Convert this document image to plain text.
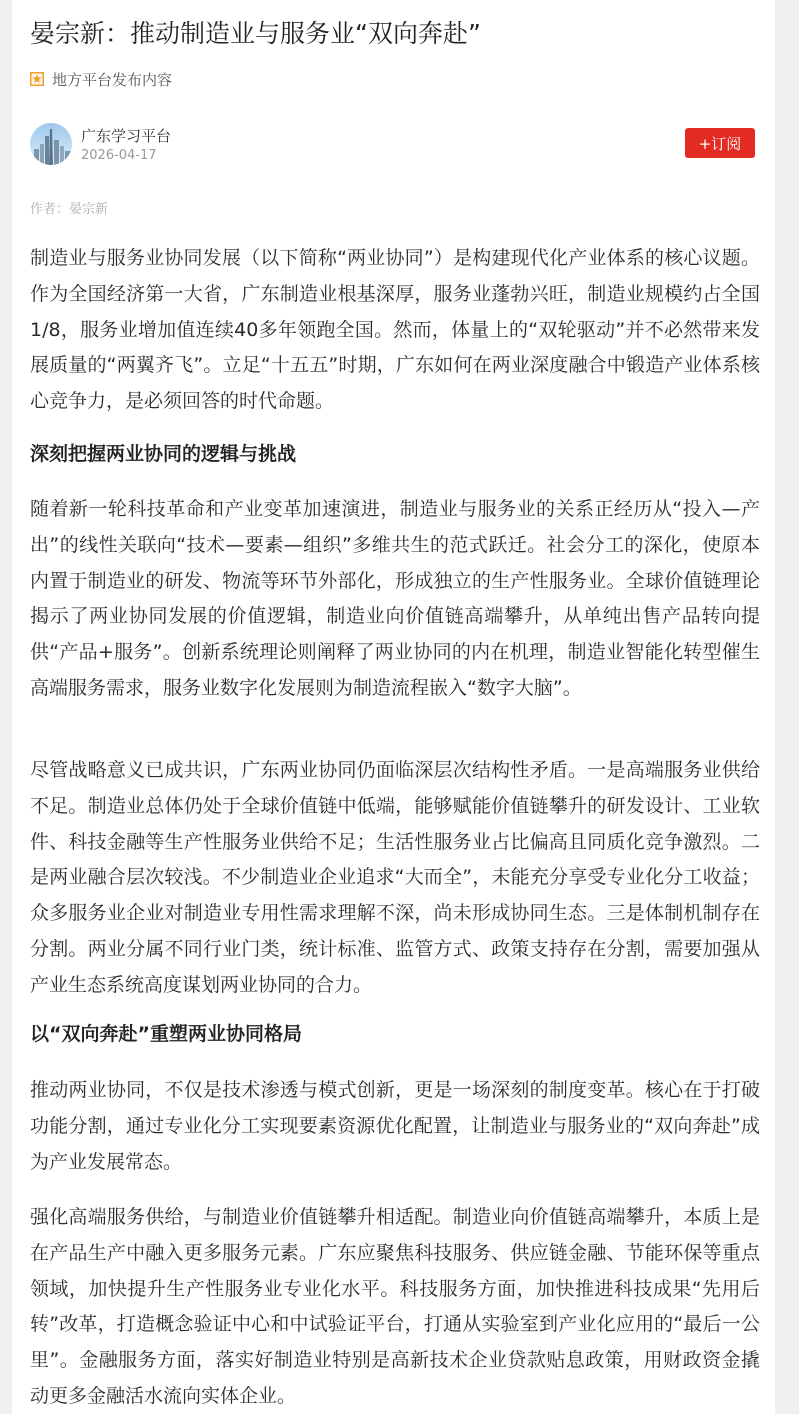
晏宗新：推动制造业与服务业“双向奔赴”
地方平台发布内容
广东学习平台
2026-04-17
+订阅
作者：晏宗新

制造业与服务业协同发展（以下简称“两业协同”）是构建现代化产业体系的核心议题。作为全国经济第一大省，广东制造业根基深厚，服务业蓬勃兴旺，制造业规模约占全国1/8，服务业增加值连续40多年领跑全国。然而，体量上的“双轮驱动”并不必然带来发展质量的“两翼齐飞”。立足“十五五”时期，广东如何在两业深度融合中锻造产业体系核心竞争力，是必须回答的时代命题。

深刻把握两业协同的逻辑与挑战

随着新一轮科技革命和产业变革加速演进，制造业与服务业的关系正经历从“投入—产出”的线性关联向“技术—要素—组织”多维共生的范式跃迁。社会分工的深化，使原本内置于制造业的研发、物流等环节外部化，形成独立的生产性服务业。全球价值链理论揭示了两业协同发展的价值逻辑，制造业向价值链高端攀升，从单纯出售产品转向提供“产品+服务”。创新系统理论则阐释了两业协同的内在机理，制造业智能化转型催生高端服务需求，服务业数字化发展则为制造流程嵌入“数字大脑”。

尽管战略意义已成共识，广东两业协同仍面临深层次结构性矛盾。一是高端服务业供给不足。制造业总体仍处于全球价值链中低端，能够赋能价值链攀升的研发设计、工业软件、科技金融等生产性服务业供给不足；生活性服务业占比偏高且同质化竞争激烈。二是两业融合层次较浅。不少制造业企业追求“大而全”，未能充分享受专业化分工收益；众多服务业企业对制造业专用性需求理解不深，尚未形成协同生态。三是体制机制存在分割。两业分属不同行业门类，统计标准、监管方式、政策支持存在分割，需要加强从产业生态系统高度谋划两业协同的合力。

以“双向奔赴”重塑两业协同格局

推动两业协同，不仅是技术渗透与模式创新，更是一场深刻的制度变革。核心在于打破功能分割，通过专业化分工实现要素资源优化配置，让制造业与服务业的“双向奔赴”成为产业发展常态。

强化高端服务供给，与制造业价值链攀升相适配。制造业向价值链高端攀升，本质上是在产品生产中融入更多服务元素。广东应聚焦科技服务、供应链金融、节能环保等重点领域，加快提升生产性服务业专业化水平。科技服务方面，加快推进科技成果“先用后转”改革，打造概念验证中心和中试验证平台，打通从实验室到产业化应用的“最后一公里”。金融服务方面，落实好制造业特别是高新技术企业贷款贴息政策，用财政资金撬动更多金融活水流向实体企业。
